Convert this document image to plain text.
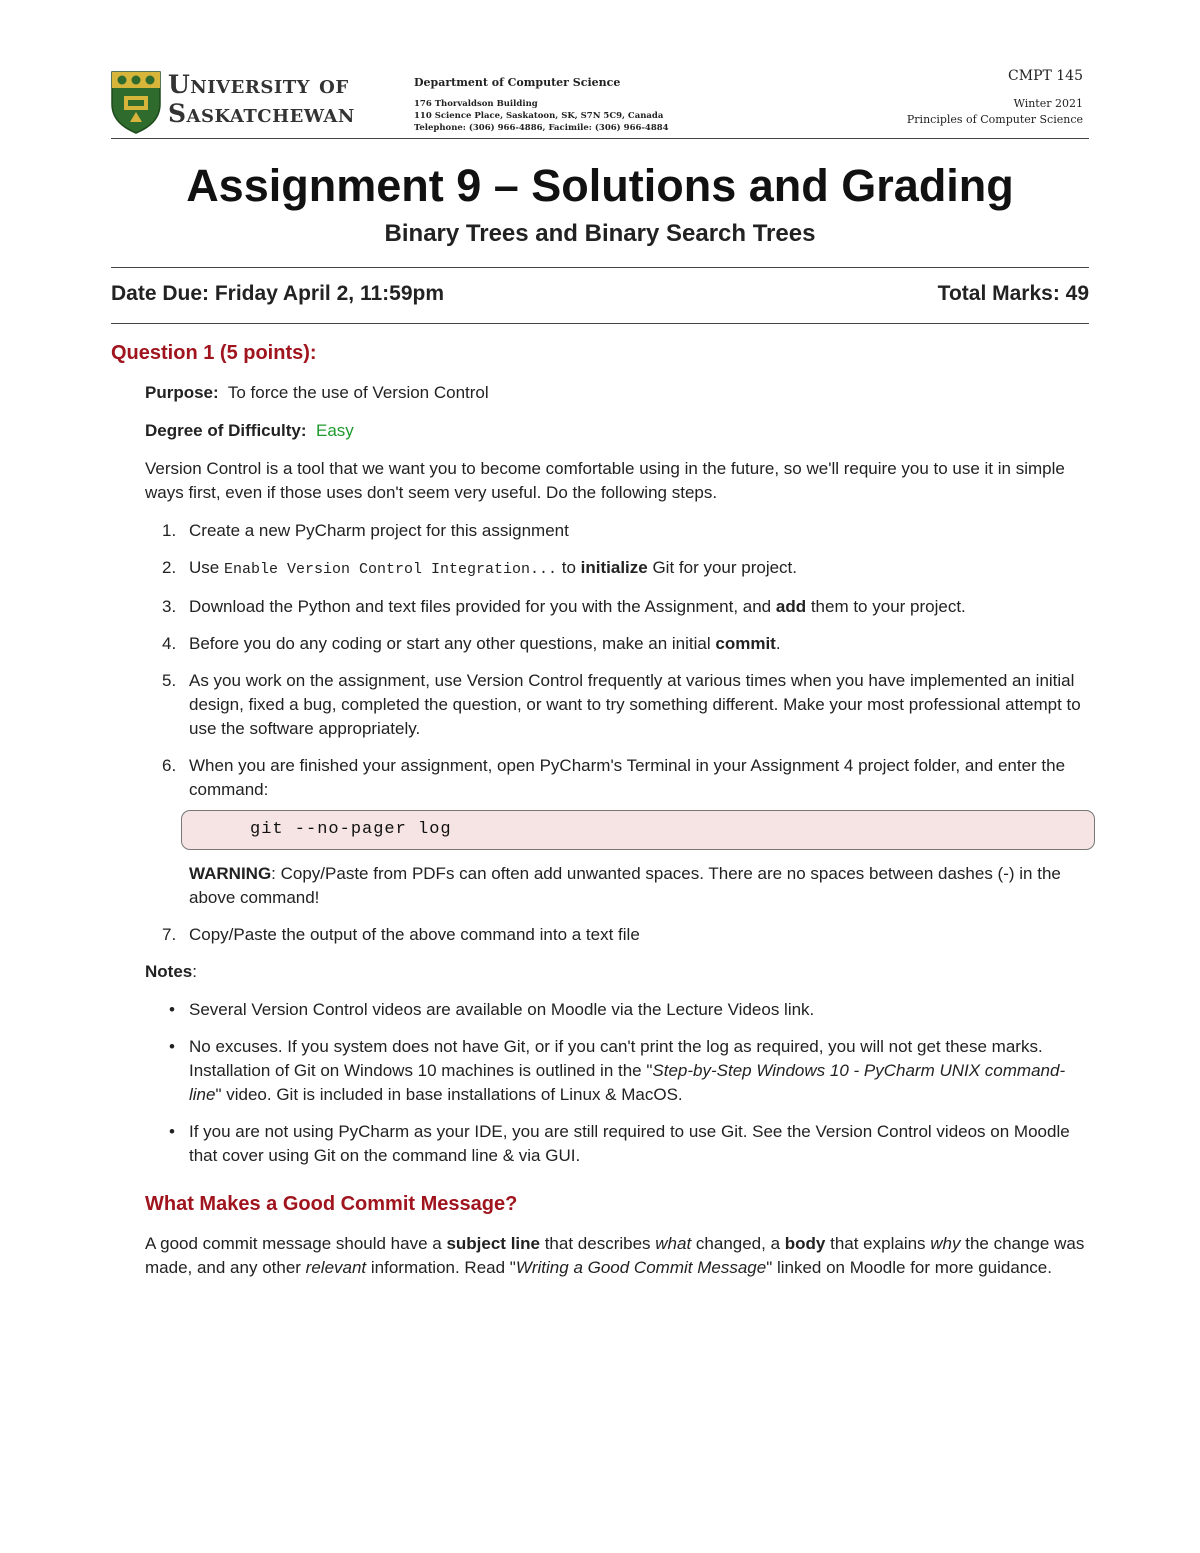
University of
Saskatchewan
Department of Computer Science
176 Thorvaldson Building
110 Science Place, Saskatoon, SK, S7N 5C9, Canada
Telephone: (306) 966-4886, Facimile: (306) 966-4884
CMPT 145
Winter 2021
Principles of Computer Science
Assignment 9 – Solutions and Grading
Binary Trees and Binary Search Trees
Date Due: Friday April 2, 11:59pm	Total Marks: 49
Question 1 (5 points):

Purpose: To force the use of Version Control

Degree of Difficulty: Easy

Version Control is a tool that we want you to become comfortable using in the future, so we'll require you to use it in simple ways first, even if those uses don't seem very useful. Do the following steps.

1. Create a new PyCharm project for this assignment
2. Use Enable Version Control Integration... to initialize Git for your project.
3. Download the Python and text files provided for you with the Assignment, and add them to your project.
4. Before you do any coding or start any other questions, make an initial commit.
5. As you work on the assignment, use Version Control frequently at various times when you have implemented an initial design, fixed a bug, completed the question, or want to try something different. Make your most professional attempt to use the software appropriately.
6. When you are finished your assignment, open PyCharm's Terminal in your Assignment 4 project folder, and enter the command:
git --no-pager log
WARNING: Copy/Paste from PDFs can often add unwanted spaces. There are no spaces between dashes (-) in the above command!
7. Copy/Paste the output of the above command into a text file

Notes:

• Several Version Control videos are available on Moodle via the Lecture Videos link.
• No excuses. If you system does not have Git, or if you can't print the log as required, you will not get these marks. Installation of Git on Windows 10 machines is outlined in the "Step-by-Step Windows 10 - PyCharm UNIX command-line" video. Git is included in base installations of Linux & MacOS.
• If you are not using PyCharm as your IDE, you are still required to use Git. See the Version Control videos on Moodle that cover using Git on the command line & via GUI.
What Makes a Good Commit Message?

A good commit message should have a subject line that describes what changed, a body that explains why the change was made, and any other relevant information. Read "Writing a Good Commit Message" linked on Moodle for more guidance.
